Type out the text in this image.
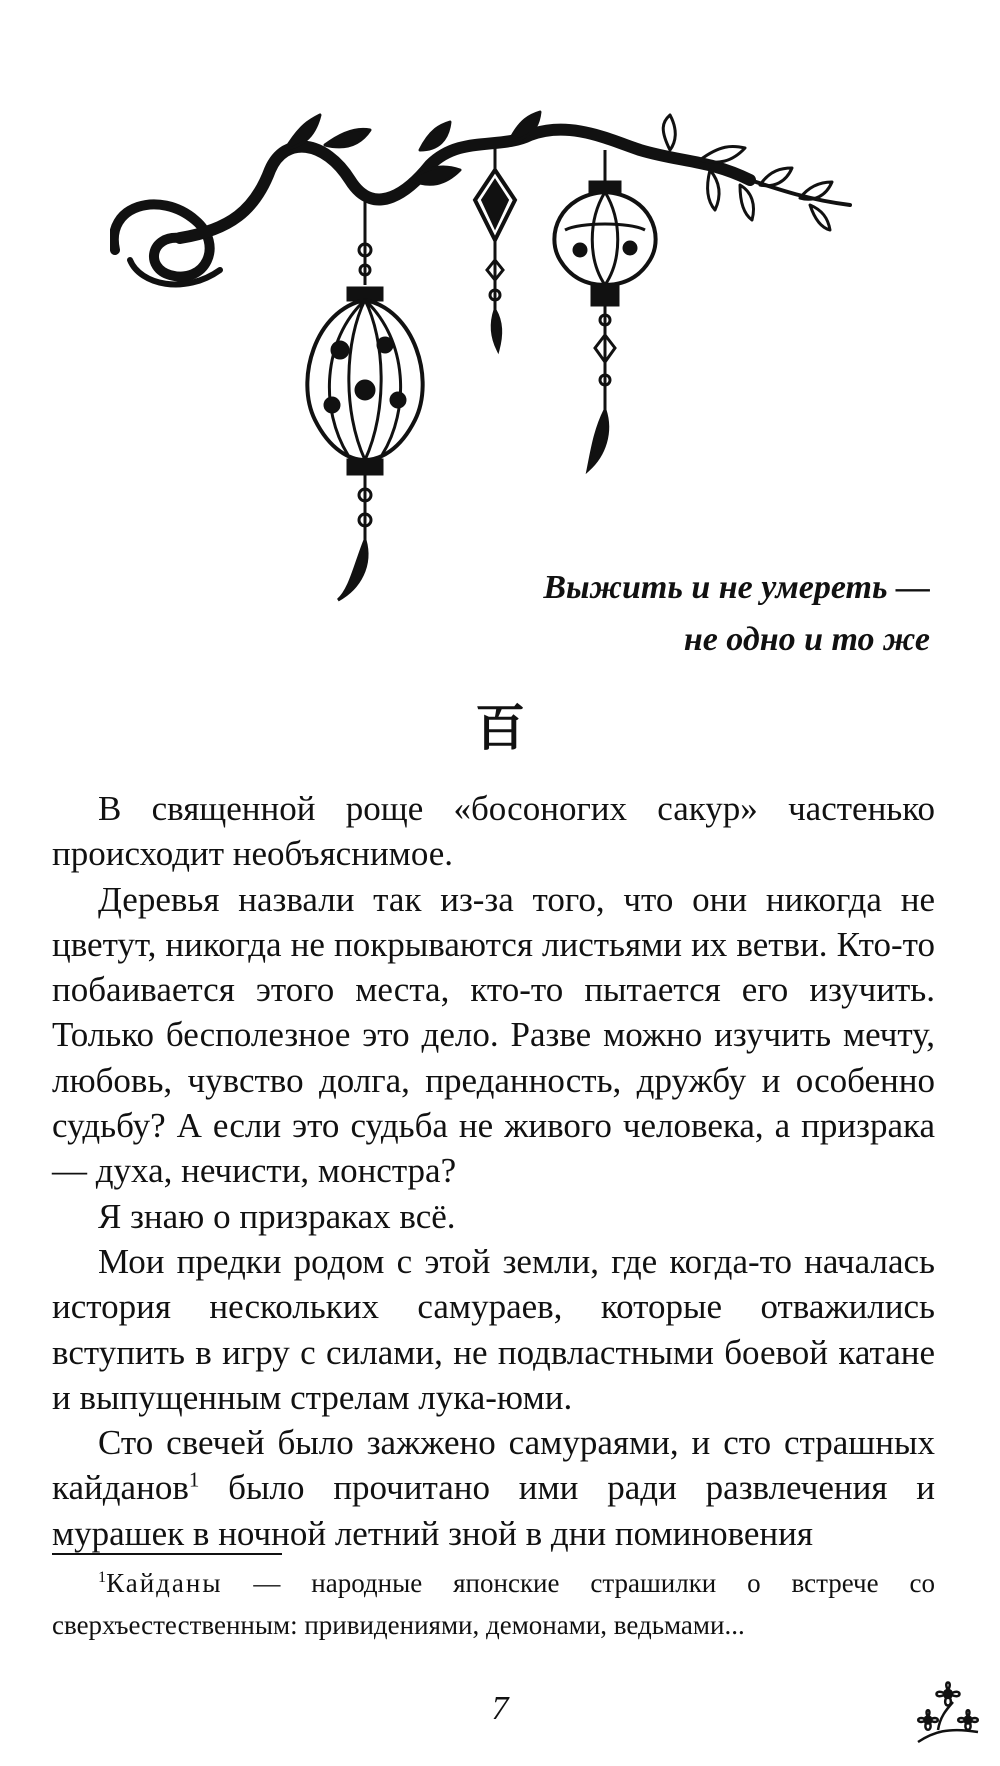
Выжить и не умереть —
не одно и то же
百

В священной роще «босоногих сакур» частенько происходит необъяснимое.

Деревья назвали так из-за того, что они никогда не цветут, никогда не покрываются листьями их ветви. Кто-то побаивается этого места, кто-то пытается его изучить. Только бесполезное это дело. Разве можно изучить мечту, любовь, чувство долга, преданность, дружбу и особенно судьбу? А если это судьба не живого человека, а призрака — духа, нечисти, монстра?

Я знаю о призраках всё.

Мои предки родом с этой земли, где когда-то началась история нескольких самураев, которые отважились вступить в игру с силами, не подвластными боевой катане и выпущенным стрелам лука-юми.

Сто свечей было зажжено самураями, и сто страшных кайданов$^1$ было прочитано ими ради развлечения и мурашек в ночной летний зной в дни поминовения

$^1$Кайданы — народные японские страшилки о встрече со сверхъестественным: привидениями, демонами, ведьмами...
7
